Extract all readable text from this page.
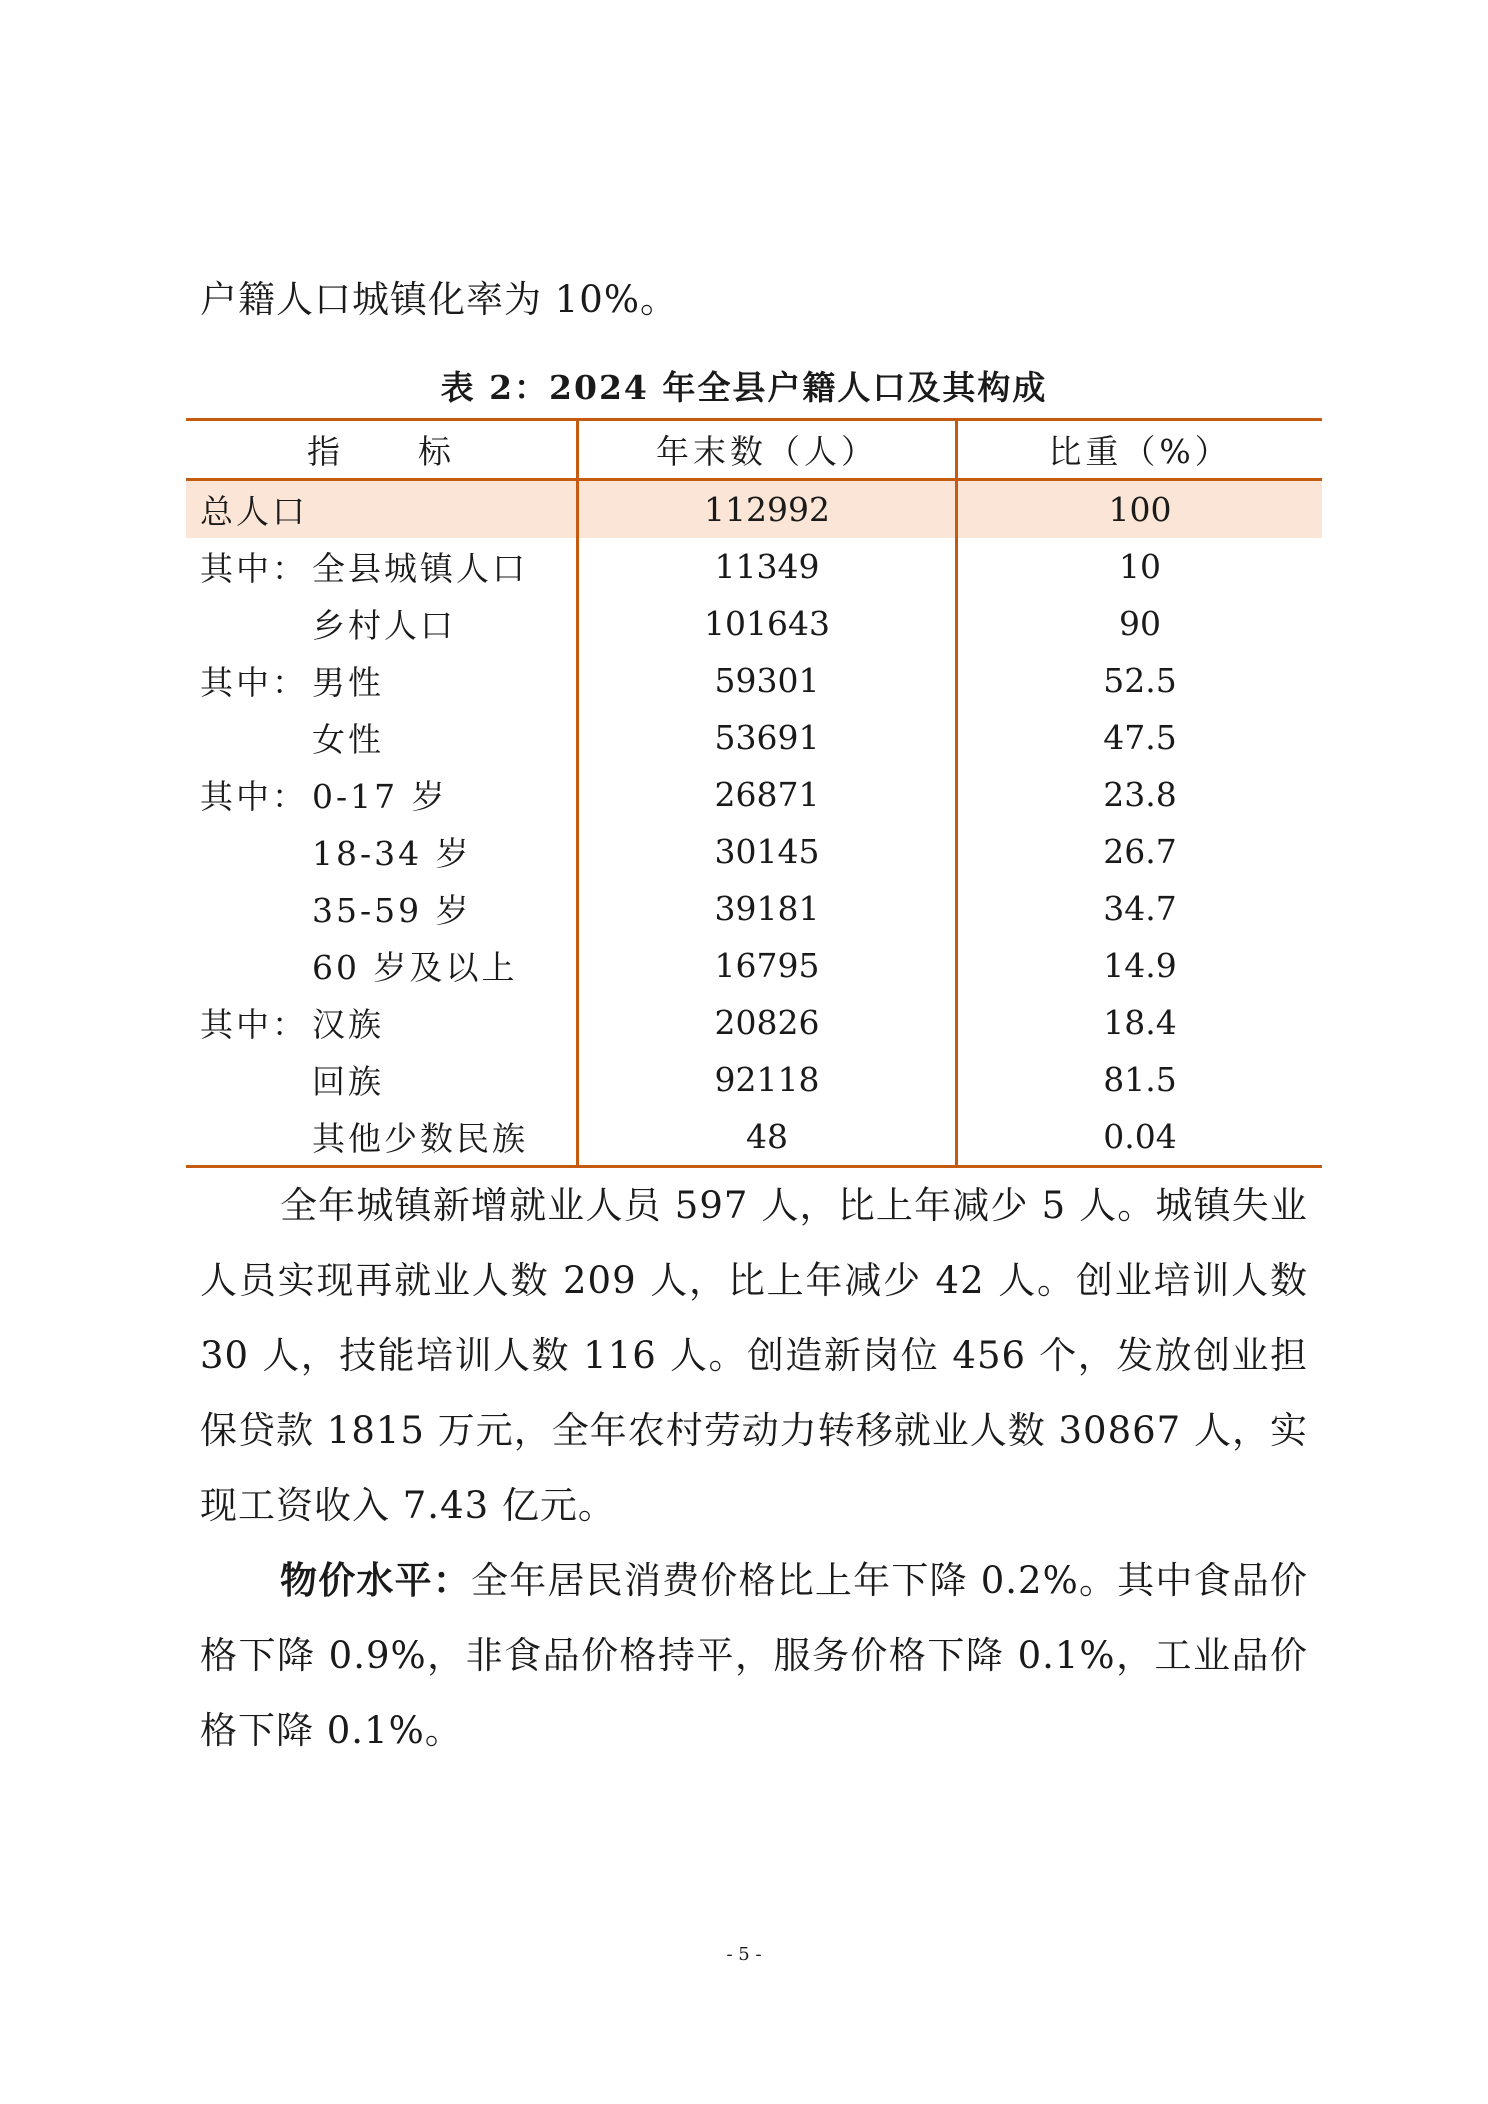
户籍人口城镇化率为 10%。

表 2：2024 年全县户籍人口及其构成
指　　标	年末数（人）	比重（%）
总人口	112992	100
其中： 全县城镇人口	11349	10
乡村人口	101643	90
其中： 男性	59301	52.5
女性	53691	47.5
其中： 0-17 岁	26871	23.8
18-34 岁	30145	26.7
35-59 岁	39181	34.7
60 岁及以上	16795	14.9
其中： 汉族	20826	18.4
回族	92118	81.5
其他少数民族	48	0.04

全年城镇新增就业人员 597 人，比上年减少 5 人。城镇失业人员实现再就业人数 209 人，比上年减少 42 人。创业培训人数 30 人，技能培训人数 116 人。创造新岗位 456 个，发放创业担保贷款 1815 万元，全年农村劳动力转移就业人数 30867 人，实现工资收入 7.43 亿元。

物价水平：全年居民消费价格比上年下降 0.2%。其中食品价格下降 0.9%，非食品价格持平，服务价格下降 0.1%，工业品价格下降 0.1%。

- 5 -
